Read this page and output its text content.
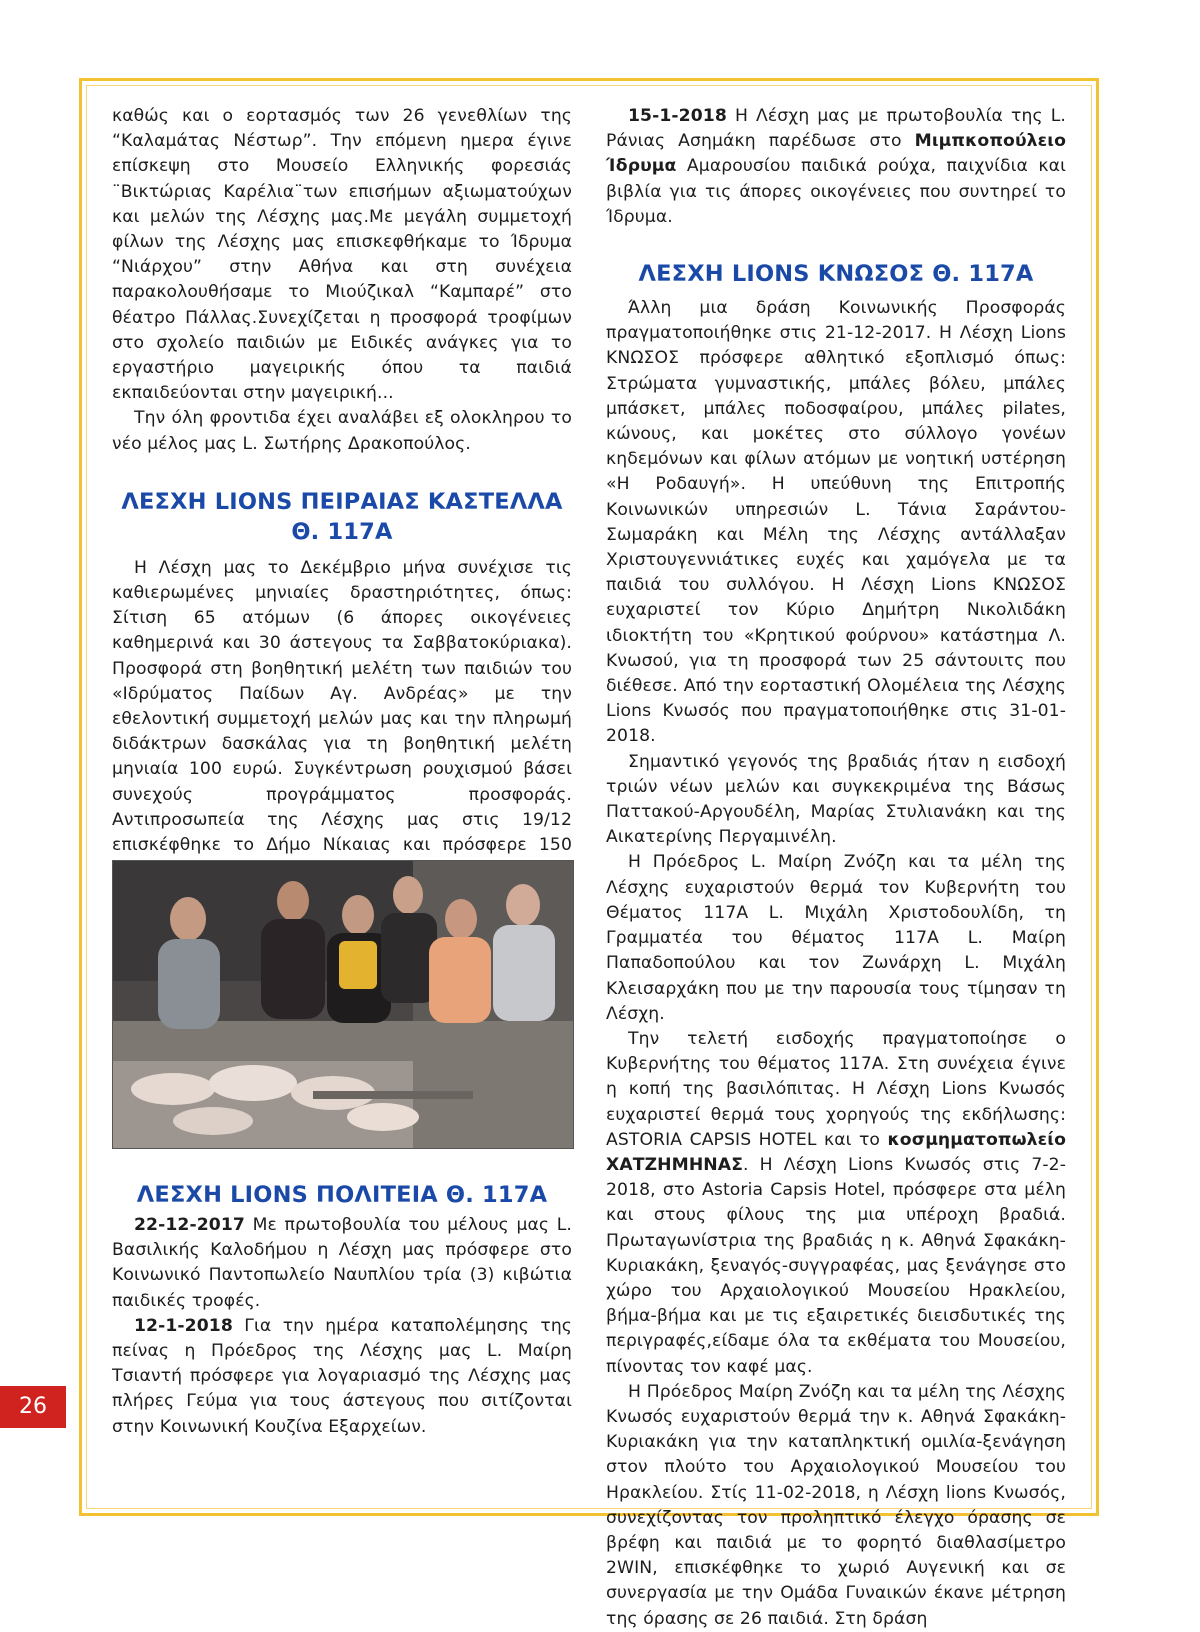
καθώς και ο εορτασμός των 26 γενεθλίων της “Καλαμάτας Νέστωρ”. Την επόμενη ημερα έγινε επίσκεψη στο Μουσείο Ελληνικής φορεσιάς ¨Βικτώριας Καρέλια¨των επισήμων αξιωματούχων και μελών της Λέσχης μας.Με μεγάλη συμμετοχή φίλων της Λέσχης μας επισκεφθήκαμε το Ίδρυμα “Νιάρχου” στην Αθήνα και στη συνέχεια παρακολουθήσαμε το Μιούζικαλ “Καμπαρέ” στο θέατρο Πάλλας.Συνεχίζεται η προσφορά τροφίμων στο σχολείο παιδιών με Ειδικές ανάγκες για το εργαστήριο μαγειρικής όπου τα παιδιά εκπαιδεύονται στην μαγειρική...

Την όλη φροντιδα έχει αναλάβει εξ ολοκληρου το νέο μέλος μας L. Σωτήρης Δρακοπούλος.

ΛΕΣΧΗ LIONS ΠΕΙΡΑΙΑΣ ΚΑΣΤΕΛΛΑ
Θ. 117Α

Η Λέσχη μας το Δεκέμβριο μήνα συνέχισε τις καθιερωμένες μηνιαίες δραστηριότητες, όπως: Σίτιση 65 ατόμων (6 άπορες οικογένειες καθημερινά και 30 άστεγους τα Σαββατοκύριακα). Προσφορά στη βοηθητική μελέτη των παιδιών του «Ιδρύματος Παίδων Αγ. Ανδρέας» με την εθελοντική συμμετοχή μελών μας και την πληρωμή διδάκτρων δασκάλας για τη βοηθητική μελέτη μηνιαία 100 ευρώ. Συγκέντρωση ρουχισμού βάσει συνεχούς προγράμματος προσφοράς. Αντιπροσωπεία της Λέσχης μας στις 19/12 επισκέφθηκε το Δήμο Νίκαιας και πρόσφερε 150

ΛΕΣΧΗ LIONS ΠΟΛΙΤΕΙΑ Θ. 117Α

22-12-2017 Με πρωτοβουλία του μέλους μας L. Βασιλικής Καλοδήμου η Λέσχη μας πρόσφερε στο Κοινωνικό Παντοπωλείο Ναυπλίου τρία (3) κιβώτια παιδικές τροφές.

12-1-2018 Για την ημέρα καταπολέμησης της πείνας η Πρόεδρος της Λέσχης μας L. Μαίρη Τσιαντή πρόσφερε για λογαριασμό της Λέσχης μας πλήρες Γεύμα για τους άστεγους που σιτίζονται στην Κοινωνική Κουζίνα Εξαρχείων.

15-1-2018 Η Λέσχη μας με πρωτοβουλία της L. Ράνιας Ασημάκη παρέδωσε στο Μιμπκοπούλειο Ίδρυμα Αμαρουσίου παιδικά ρούχα, παιχνίδια και βιβλία για τις άπορες οικογένειες που συντηρεί το Ίδρυμα.

ΛΕΣΧΗ LIONS ΚΝΩΣΟΣ Θ. 117Α

Άλλη μια δράση Κοινωνικής Προσφοράς πραγματοποιήθηκε στις 21-12-2017. Η Λέσχη Lions ΚΝΩΣΟΣ πρόσφερε αθλητικό εξοπλισμό όπως: Στρώματα γυμναστικής, μπάλες βόλευ, μπάλες μπάσκετ, μπάλες ποδοσφαίρου, μπάλες pilates, κώνους, και μοκέτες στο σύλλογο γονέων κηδεμόνων και φίλων ατόμων με νοητική υστέρηση «Η Ροδαυγή». Η υπεύθυνη της Επιτροπής Κοινωνικών υπηρεσιών L. Τάνια Σαράντου-Σωμαράκη και Μέλη της Λέσχης αντάλλαξαν Χριστουγεννιάτικες ευχές και χαμόγελα με τα παιδιά του συλλόγου. Η Λέσχη Lions ΚΝΩΣΟΣ ευχαριστεί τον Κύριο Δημήτρη Νικολιδάκη ιδιοκτήτη του «Κρητικού φούρνου» κατάστημα Λ. Κνωσού, για τη προσφορά των 25 σάντουιτς που διέθεσε. Από την εορταστική Ολομέλεια της Λέσχης Lions Κνωσός που πραγματοποιήθηκε στις 31-01-2018.

Σημαντικό γεγονός της βραδιάς ήταν η εισδοχή τριών νέων μελών και συγκεκριμένα της Βάσως Παττακού-Αργουδέλη, Μαρίας Στυλιανάκη και της Αικατερίνης Περγαμινέλη.

Η Πρόεδρος L. Μαίρη Ζνόζη και τα μέλη της Λέσχης ευχαριστούν θερμά τον Κυβερνήτη του Θέματος 117Α L. Μιχάλη Χριστοδουλίδη, τη Γραμματέα του θέματος 117Α L. Μαίρη Παπαδοπούλου και τον Ζωνάρχη L. Μιχάλη Κλεισαρχάκη που με την παρουσία τους τίμησαν τη Λέσχη.

Την τελετή εισδοχής πραγματοποίησε ο Κυβερνήτης του θέματος 117Α. Στη συνέχεια έγινε η κοπή της βασιλόπιτας. Η Λέσχη Lions Κνωσός ευχαριστεί θερμά τους χορηγούς της εκδήλωσης: ASTORIA CAPSIS HOTEL και το κοσμηματοπωλείο ΧΑΤΖΗΜΗΝΑΣ. Η Λέσχη Lions Κνωσός στις 7-2-2018, στο Astoria Capsis Hotel, πρόσφερε στα μέλη και στους φίλους της μια υπέροχη βραδιά. Πρωταγωνίστρια της βραδιάς η κ. Αθηνά Σφακάκη-Κυριακάκη, ξεναγός-συγγραφέας, μας ξενάγησε στο χώρο του Αρχαιολογικού Μουσείου Ηρακλείου, βήμα-βήμα και με τις εξαιρετικές διεισδυτικές της περιγραφές,είδαμε όλα τα εκθέματα του Μουσείου, πίνοντας τον καφέ μας.

Η Πρόεδρος Μαίρη Ζνόζη και τα μέλη της Λέσχης Κνωσός ευχαριστούν θερμά την κ. Αθηνά Σφακάκη-Κυριακάκη για την καταπληκτική ομιλία-ξενάγηση στον πλούτο του Αρχαιολογικού Μουσείου του Ηρακλείου. Στίς 11-02-2018, η Λέσχη lions Κνωσός, συνεχίζοντας τον προληπτικό έλεγχο όρασης σε βρέφη και παιδιά με το φορητό διαθλασίμετρο 2WIN, επισκέφθηκε το χωριό Αυγενική και σε συνεργασία με την Ομάδα Γυναικών έκανε μέτρηση της όρασης σε 26 παιδιά. Στη δράση

26
